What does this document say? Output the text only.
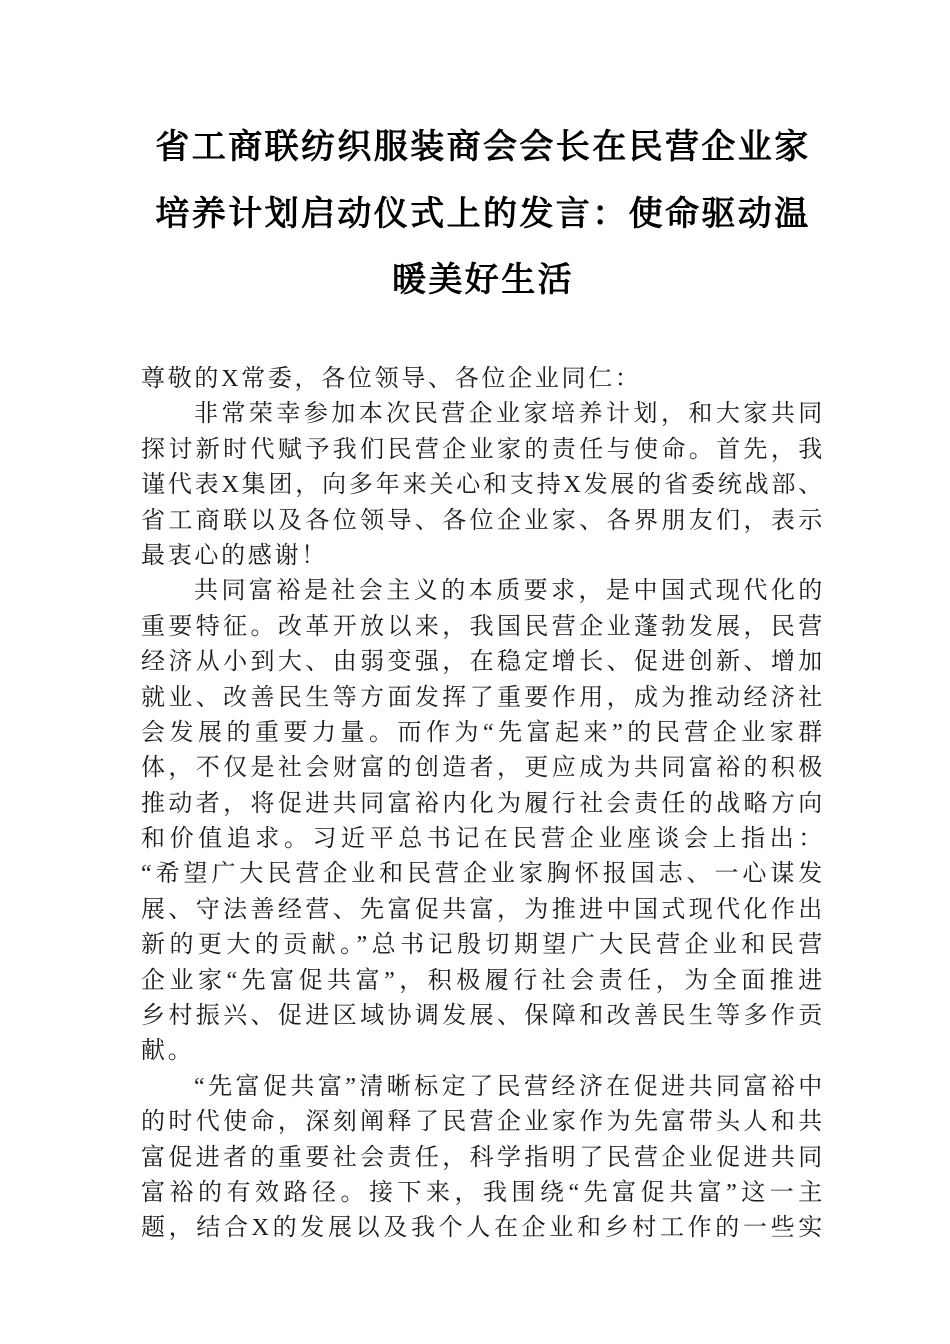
省工商联纺织服装商会会长在民营企业家
培养计划启动仪式上的发言：使命驱动温
暖美好生活
尊敬的X常委，各位领导、各位企业同仁：
非常荣幸参加本次民营企业家培养计划，和大家共同
探讨新时代赋予我们民营企业家的责任与使命。首先，我
谨代表X集团，向多年来关心和支持X发展的省委统战部、
省工商联以及各位领导、各位企业家、各界朋友们，表示
最衷心的感谢！
共同富裕是社会主义的本质要求，是中国式现代化的
重要特征。改革开放以来，我国民营企业蓬勃发展，民营
经济从小到大、由弱变强，在稳定增长、促进创新、增加
就业、改善民生等方面发挥了重要作用，成为推动经济社
会发展的重要力量。而作为“先富起来”的民营企业家群
体，不仅是社会财富的创造者，更应成为共同富裕的积极
推动者，将促进共同富裕内化为履行社会责任的战略方向
和价值追求。习近平总书记在民营企业座谈会上指出：
“希望广大民营企业和民营企业家胸怀报国志、一心谋发
展、守法善经营、先富促共富，为推进中国式现代化作出
新的更大的贡献。”总书记殷切期望广大民营企业和民营
企业家“先富促共富”，积极履行社会责任，为全面推进
乡村振兴、促进区域协调发展、保障和改善民生等多作贡
献。
“先富促共富”清晰标定了民营经济在促进共同富裕中
的时代使命，深刻阐释了民营企业家作为先富带头人和共
富促进者的重要社会责任，科学指明了民营企业促进共同
富裕的有效路径。接下来，我围绕“先富促共富”这一主
题，结合X的发展以及我个人在企业和乡村工作的一些实
